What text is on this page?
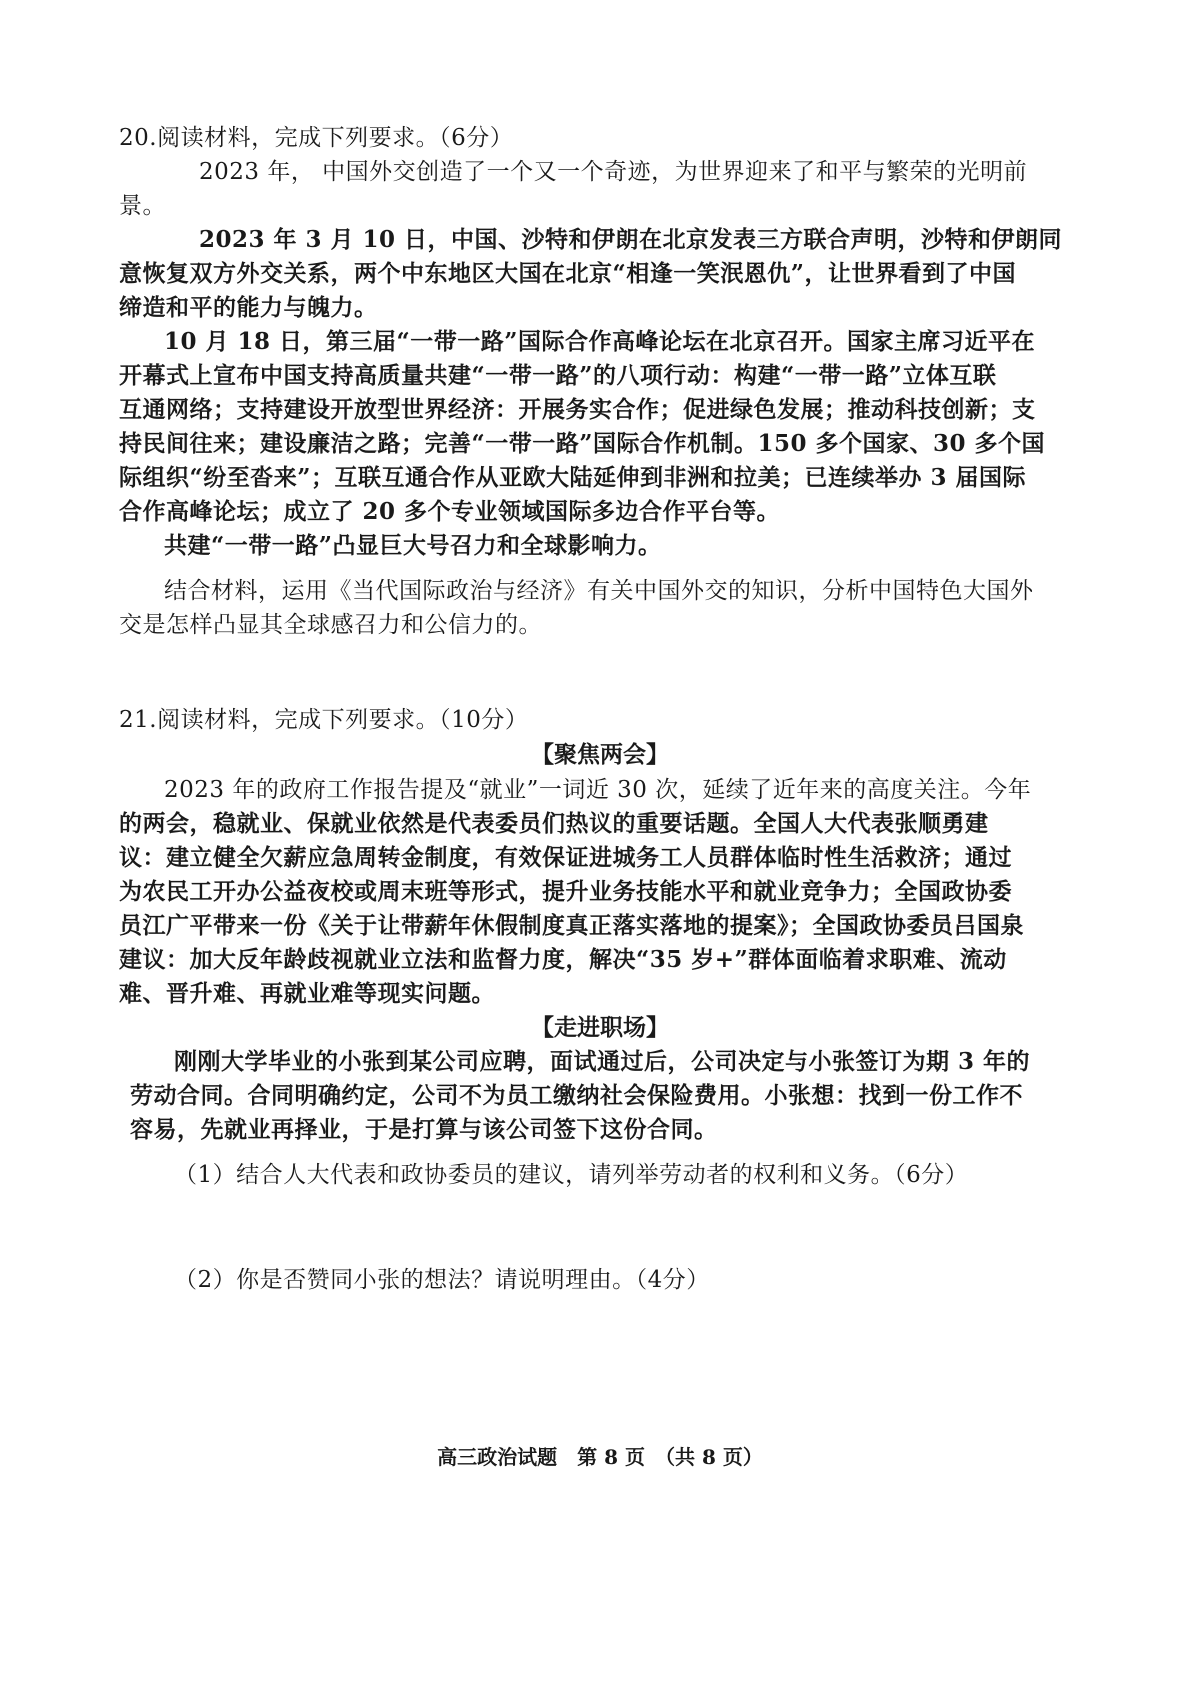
20.阅读材料，完成下列要求。（6分）
2023 年， 中国外交创造了一个又一个奇迹，为世界迎来了和平与繁荣的光明前
景。
2023 年 3 月 10 日，中国、沙特和伊朗在北京发表三方联合声明，沙特和伊朗同
意恢复双方外交关系，两个中东地区大国在北京“相逢一笑泯恩仇”，让世界看到了中国
缔造和平的能力与魄力。
10 月 18 日，第三届“一带一路”国际合作高峰论坛在北京召开。国家主席习近平在
开幕式上宣布中国支持高质量共建“一带一路”的八项行动：构建“一带一路”立体互联
互通网络；支持建设开放型世界经济：开展务实合作；促进绿色发展；推动科技创新；支
持民间往来；建设廉洁之路；完善“一带一路”国际合作机制。150 多个国家、30 多个国
际组织“纷至沓来”；互联互通合作从亚欧大陆延伸到非洲和拉美；已连续举办 3 届国际
合作高峰论坛；成立了 20 多个专业领域国际多边合作平台等。
共建“一带一路”凸显巨大号召力和全球影响力。
结合材料，运用《当代国际政治与经济》有关中国外交的知识，分析中国特色大国外
交是怎样凸显其全球感召力和公信力的。
21.阅读材料，完成下列要求。（10分）
【聚焦两会】
2023 年的政府工作报告提及“就业”一词近 30 次，延续了近年来的高度关注。今年
的两会，稳就业、保就业依然是代表委员们热议的重要话题。全国人大代表张顺勇建
议：建立健全欠薪应急周转金制度，有效保证进城务工人员群体临时性生活救济；通过
为农民工开办公益夜校或周末班等形式，提升业务技能水平和就业竞争力；全国政协委
员江广平带来一份《关于让带薪年休假制度真正落实落地的提案》；全国政协委员吕国泉
建议：加大反年龄歧视就业立法和监督力度，解决“35 岁+”群体面临着求职难、流动
难、晋升难、再就业难等现实问题。
【走进职场】
刚刚大学毕业的小张到某公司应聘，面试通过后，公司决定与小张签订为期 3 年的
劳动合同。合同明确约定，公司不为员工缴纳社会保险费用。小张想：找到一份工作不
容易，先就业再择业，于是打算与该公司签下这份合同。
（1）结合人大代表和政协委员的建议，请列举劳动者的权利和义务。（6分）
（2）你是否赞同小张的想法？请说明理由。（4分）
高三政治试题　第 8 页　（共 8 页）
